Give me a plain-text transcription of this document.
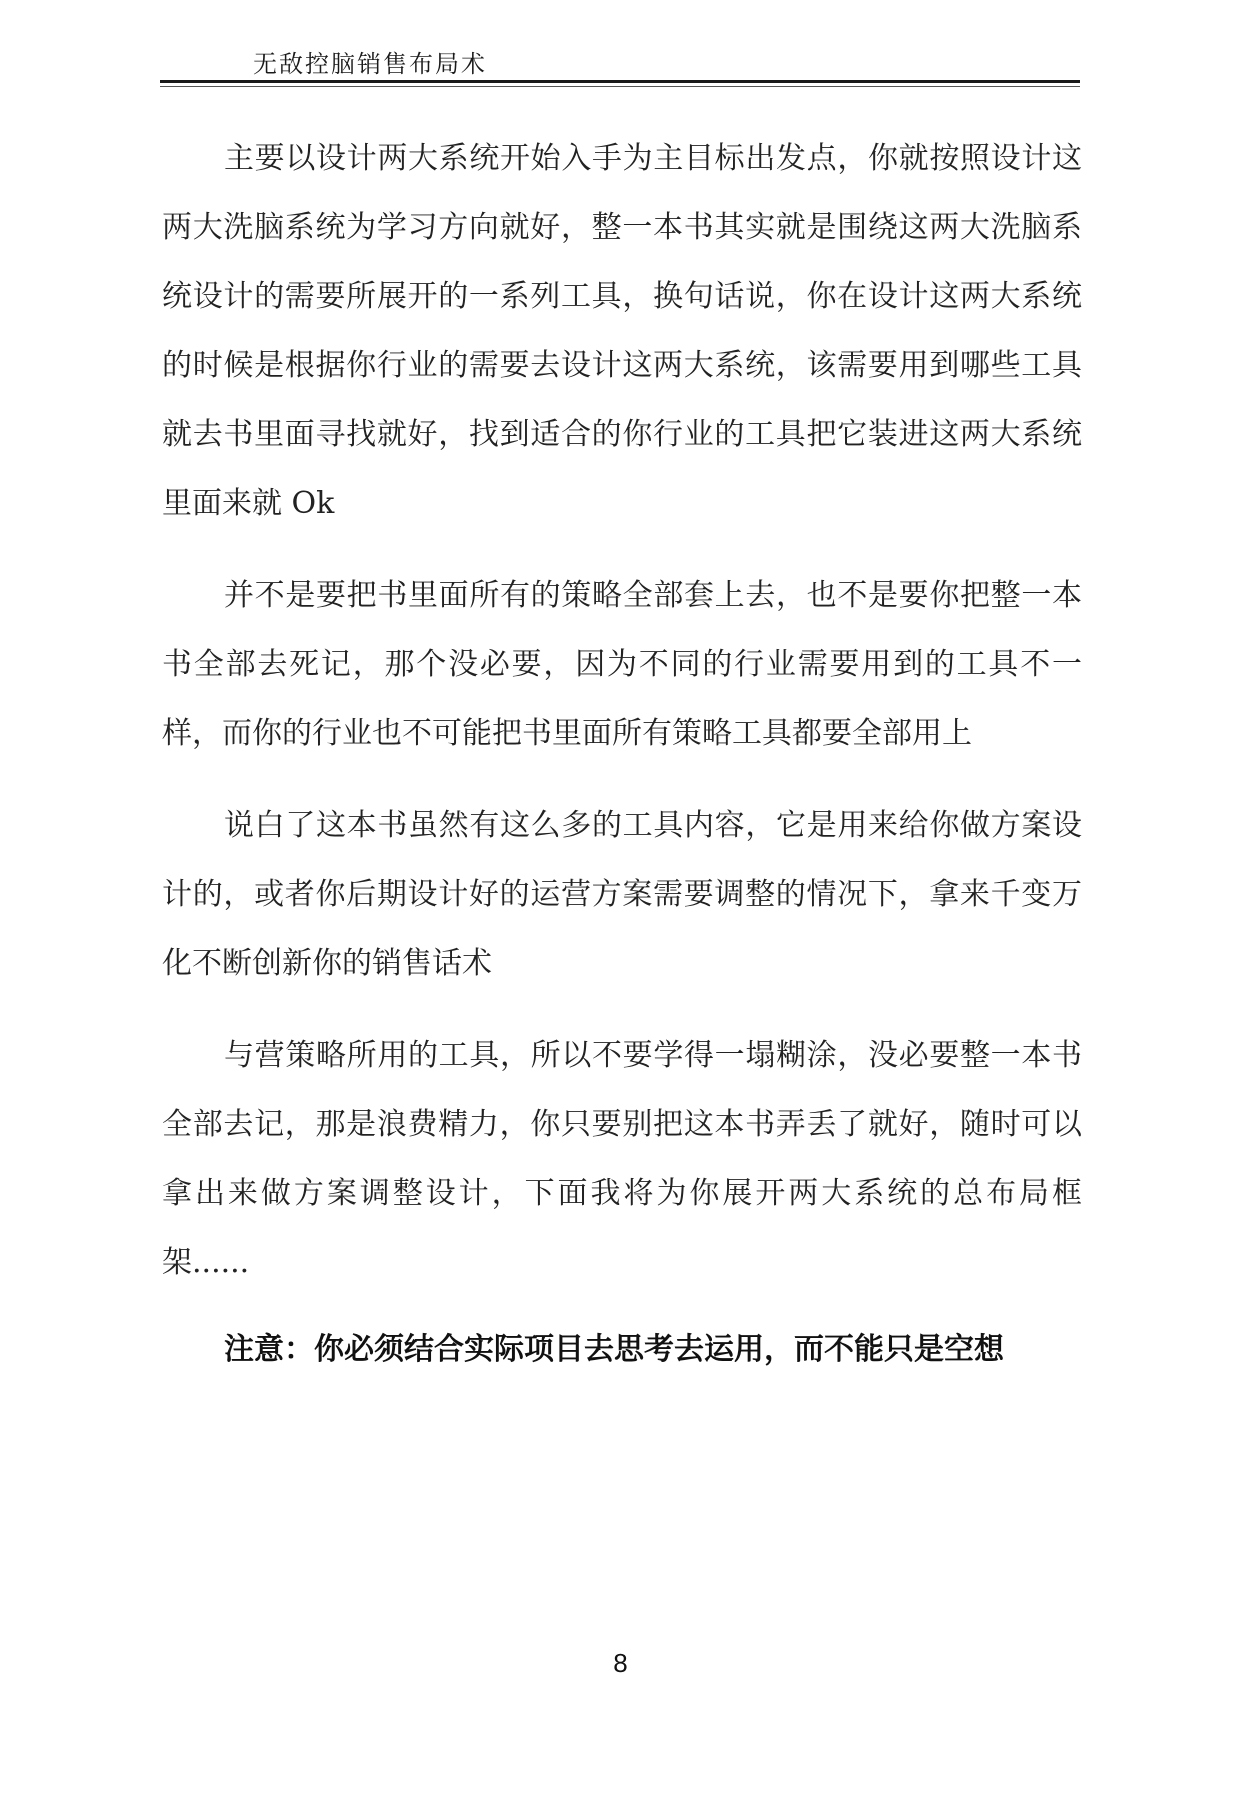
无敌控脑销售布局术

主要以设计两大系统开始入手为主目标出发点，你就按照设计这两大洗脑系统为学习方向就好，整一本书其实就是围绕这两大洗脑系统设计的需要所展开的一系列工具，换句话说，你在设计这两大系统的时候是根据你行业的需要去设计这两大系统，该需要用到哪些工具就去书里面寻找就好，找到适合的你行业的工具把它装进这两大系统里面来就 Ok

并不是要把书里面所有的策略全部套上去，也不是要你把整一本书全部去死记，那个没必要，因为不同的行业需要用到的工具不一样，而你的行业也不可能把书里面所有策略工具都要全部用上

说白了这本书虽然有这么多的工具内容，它是用来给你做方案设计的，或者你后期设计好的运营方案需要调整的情况下，拿来千变万化不断创新你的销售话术

与营策略所用的工具，所以不要学得一塌糊涂，没必要整一本书全部去记，那是浪费精力，你只要别把这本书弄丢了就好，随时可以拿出来做方案调整设计，下面我将为你展开两大系统的总布局框架......

注意：你必须结合实际项目去思考去运用，而不能只是空想

8
